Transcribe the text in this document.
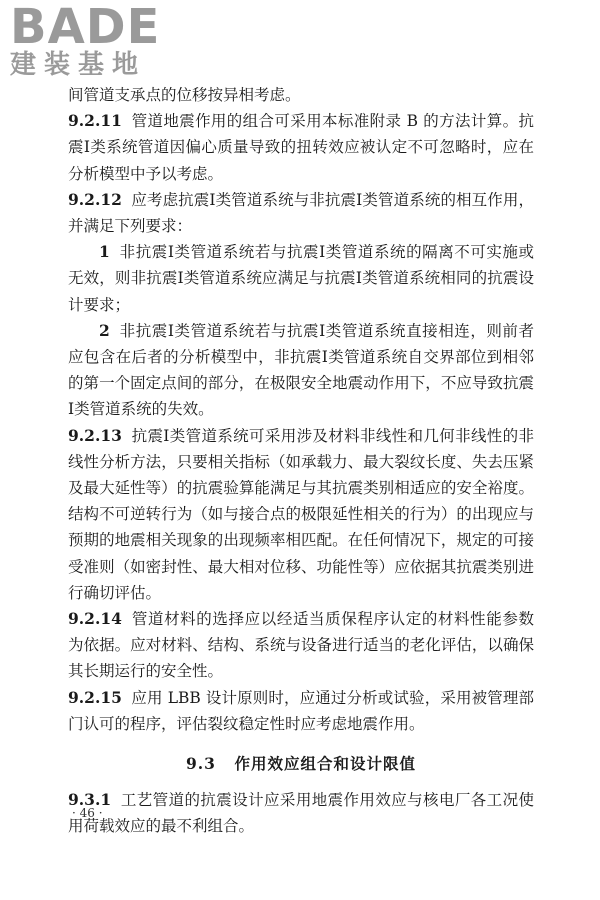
BADE
建装基地

间管道支承点的位移按异相考虑。

9.2.11 管道地震作用的组合可采用本标准附录 B 的方法计算。抗震Ⅰ类系统管道因偏心质量导致的扭转效应被认定不可忽略时，应在分析模型中予以考虑。

9.2.12 应考虑抗震Ⅰ类管道系统与非抗震Ⅰ类管道系统的相互作用，并满足下列要求：

1 非抗震Ⅰ类管道系统若与抗震Ⅰ类管道系统的隔离不可实施或无效，则非抗震Ⅰ类管道系统应满足与抗震Ⅰ类管道系统相同的抗震设计要求；

2 非抗震Ⅰ类管道系统若与抗震Ⅰ类管道系统直接相连，则前者应包含在后者的分析模型中，非抗震Ⅰ类管道系统自交界部位到相邻的第一个固定点间的部分，在极限安全地震动作用下，不应导致抗震Ⅰ类管道系统的失效。

9.2.13 抗震Ⅰ类管道系统可采用涉及材料非线性和几何非线性的非线性分析方法，只要相关指标（如承载力、最大裂纹长度、失去压紧及最大延性等）的抗震验算能满足与其抗震类别相适应的安全裕度。结构不可逆转行为（如与接合点的极限延性相关的行为）的出现应与预期的地震相关现象的出现频率相匹配。在任何情况下，规定的可接受准则（如密封性、最大相对位移、功能性等）应依据其抗震类别进行确切评估。

9.2.14 管道材料的选择应以经适当质保程序认定的材料性能参数为依据。应对材料、结构、系统与设备进行适当的老化评估，以确保其长期运行的安全性。

9.2.15 应用 LBB 设计原则时，应通过分析或试验，采用被管理部门认可的程序，评估裂纹稳定性时应考虑地震作用。

9.3 作用效应组合和设计限值

9.3.1 工艺管道的抗震设计应采用地震作用效应与核电厂各工况使用荷载效应的最不利组合。

· 46 ·
